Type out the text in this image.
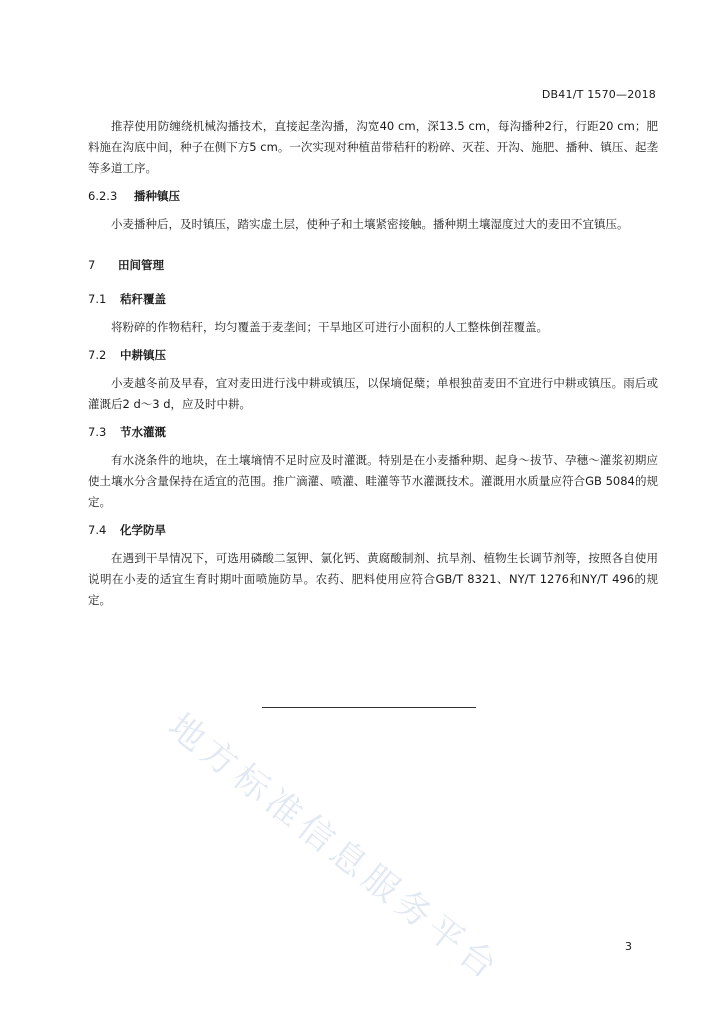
DB41/T 1570—2018

推荐使用防缠绕机械沟播技术，直接起垄沟播，沟宽40 cm，深13.5 cm，每沟播种2行，行距20 cm；肥料施在沟底中间，种子在侧下方5 cm。一次实现对种植苗带秸秆的粉碎、灭茬、开沟、施肥、播种、镇压、起垄等多道工序。

6.2.3 播种镇压

小麦播种后，及时镇压，踏实虚土层，使种子和土壤紧密接触。播种期土壤湿度过大的麦田不宜镇压。

7 田间管理
7.1 秸秆覆盖

将粉碎的作物秸秆，均匀覆盖于麦垄间；干旱地区可进行小面积的人工整株倒茬覆盖。

7.2 中耕镇压

小麦越冬前及早春，宜对麦田进行浅中耕或镇压，以保墒促蘖；单根独苗麦田不宜进行中耕或镇压。雨后或灌溉后2 d～3 d，应及时中耕。

7.3 节水灌溉

有水浇条件的地块，在土壤墒情不足时应及时灌溉。特别是在小麦播种期、起身～拔节、孕穗～灌浆初期应使土壤水分含量保持在适宜的范围。推广滴灌、喷灌、畦灌等节水灌溉技术。灌溉用水质量应符合GB 5084的规定。

7.4 化学防旱

在遇到干旱情况下，可选用磷酸二氢钾、氯化钙、黄腐酸制剂、抗旱剂、植物生长调节剂等，按照各自使用说明在小麦的适宜生育时期叶面喷施防旱。农药、肥料使用应符合GB/T 8321、NY/T 1276和NY/T 496的规定。

地方标准信息服务平台	3
